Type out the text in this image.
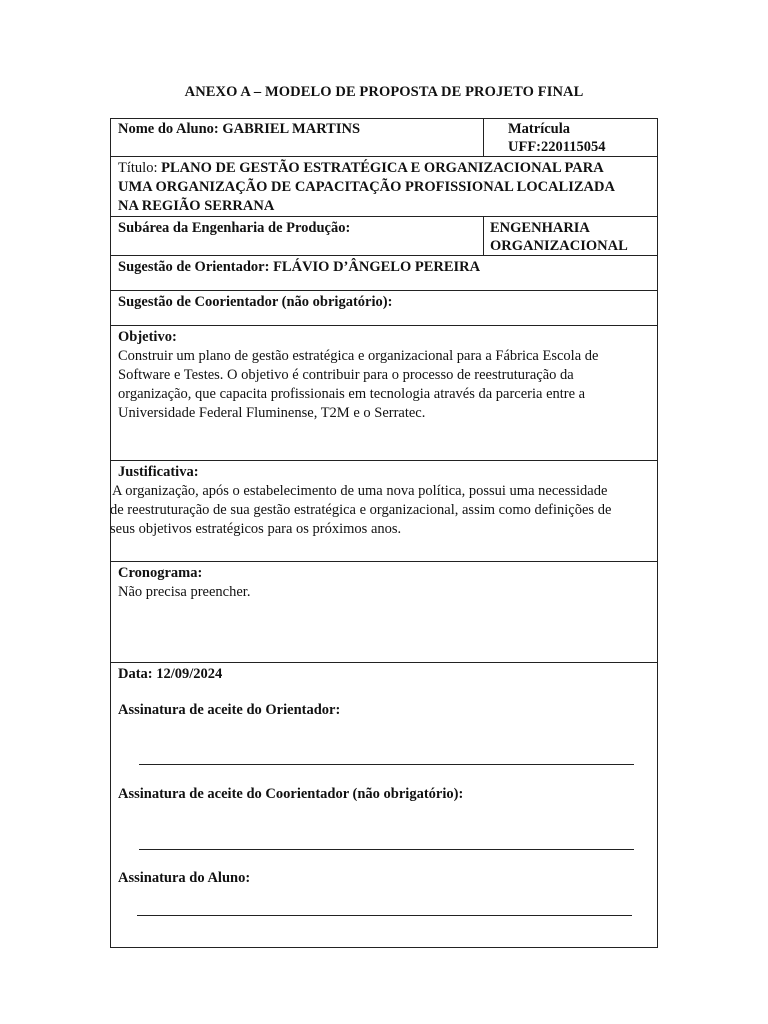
ANEXO A – MODELO DE PROPOSTA DE PROJETO FINAL
Nome do Aluno: GABRIEL MARTINS	Matrícula
UFF:220115054
Título: PLANO DE GESTÃO ESTRATÉGICA E ORGANIZACIONAL PARA
UMA ORGANIZAÇÃO DE CAPACITAÇÃO PROFISSIONAL LOCALIZADA
NA REGIÃO SERRANA
Subárea da Engenharia de Produção:	ENGENHARIA
ORGANIZACIONAL
Sugestão de Orientador: FLÁVIO D’ÂNGELO PEREIRA
Sugestão de Coorientador (não obrigatório):
Objetivo:
Construir um plano de gestão estratégica e organizacional para a Fábrica Escola de
Software e Testes. O objetivo é contribuir para o processo de reestruturação da
organização, que capacita profissionais em tecnologia através da parceria entre a
Universidade Federal Fluminense, T2M e o Serratec.
Justificativa:
A organização, após o estabelecimento de uma nova política, possui uma necessidade
de reestruturação de sua gestão estratégica e organizacional, assim como definições de
seus objetivos estratégicos para os próximos anos.
Cronograma:
Não precisa preencher.
Data: 12/09/2024
Assinatura de aceite do Orientador:
Assinatura de aceite do Coorientador (não obrigatório):
Assinatura do Aluno:
